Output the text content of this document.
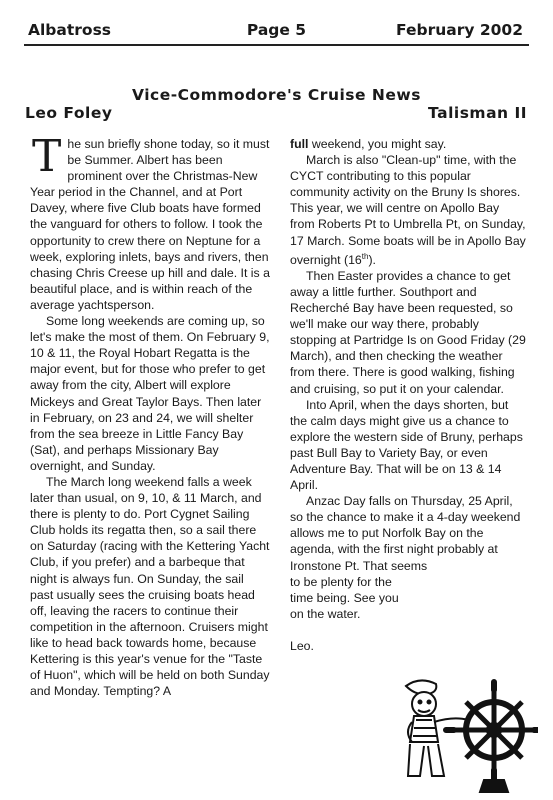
Albatross	Page 5	February 2002
Vice-Commodore's Cruise News
Leo Foley	Talisman II

The sun briefly shone today, so it must be Summer. Albert has been prominent over the Christmas-New Year period in the Channel, and at Port Davey, where five Club boats have formed the vanguard for others to follow. I took the opportunity to crew there on Neptune for a week, exploring inlets, bays and rivers, then chasing Chris Creese up hill and dale. It is a beautiful place, and is within reach of the average yachtsperson.

Some long weekends are coming up, so let's make the most of them. On February 9, 10 & 11, the Royal Hobart Regatta is the major event, but for those who prefer to get away from the city, Albert will explore Mickeys and Great Taylor Bays. Then later in February, on 23 and 24, we will shelter from the sea breeze in Little Fancy Bay (Sat), and perhaps Missionary Bay overnight, and Sunday.

The March long weekend falls a week later than usual, on 9, 10, & 11 March, and there is plenty to do. Port Cygnet Sailing Club holds its regatta then, so a sail there on Saturday (racing with the Kettering Yacht Club, if you prefer) and a barbeque that night is always fun. On Sunday, the sail past usually sees the cruising boats head off, leaving the racers to continue their competition in the afternoon. Cruisers might like to head back towards home, because Kettering is this year's venue for the "Taste of Huon", which will be held on both Sunday and Monday. Tempting? A

full weekend, you might say.

March is also "Clean-up" time, with the CYCT contributing to this popular community activity on the Bruny Is shores. This year, we will centre on Apollo Bay from Roberts Pt to Umbrella Pt, on Sunday, 17 March. Some boats will be in Apollo Bay overnight (16th).

Then Easter provides a chance to get away a little further. Southport and Recherché Bay have been requested, so we'll make our way there, probably stopping at Partridge Is on Good Friday (29 March), and then checking the weather from there. There is good walking, fishing and cruising, so put it on your calendar.

Into April, when the days shorten, but the calm days might give us a chance to explore the western side of Bruny, perhaps past Bull Bay to Variety Bay, or even Adventure Bay. That will be on 13 & 14 April.

Anzac Day falls on Thursday, 25 April, so the chance to make it a 4-day weekend allows me to put Norfolk Bay on the agenda, with the first night probably at Ironstone Pt. That seems

to be plenty for the time being. See you on the water.

Leo.
